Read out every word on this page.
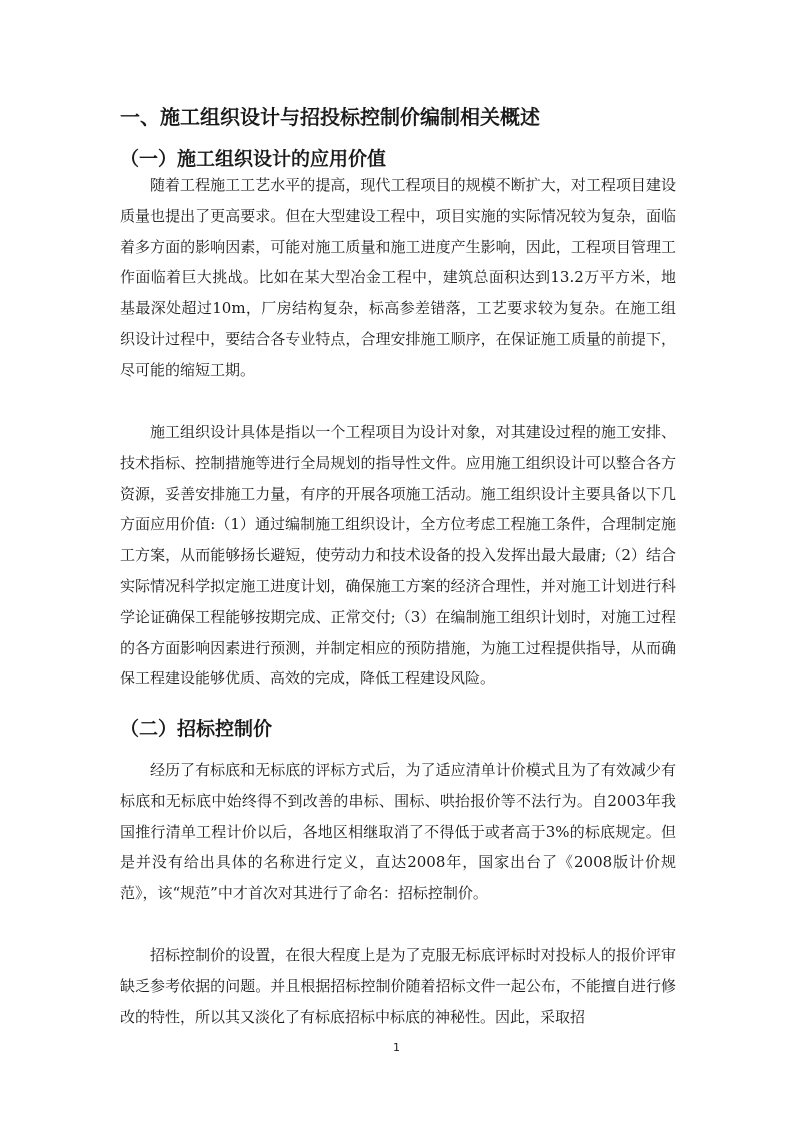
一、施工组织设计与招投标控制价编制相关概述
（一）施工组织设计的应用价值

随着工程施工工艺水平的提高，现代工程项目的规模不断扩大，对工程项目建设质量也提出了更高要求。但在大型建设工程中，项目实施的实际情况较为复杂，面临着多方面的影响因素，可能对施工质量和施工进度产生影响，因此，工程项目管理工作面临着巨大挑战。比如在某大型冶金工程中，建筑总面积达到13.2万平方米，地基最深处超过10m，厂房结构复杂，标高参差错落，工艺要求较为复杂。在施工组织设计过程中，要结合各专业特点，合理安排施工顺序，在保证施工质量的前提下，尽可能的缩短工期。

施工组织设计具体是指以一个工程项目为设计对象，对其建设过程的施工安排、技术指标、控制措施等进行全局规划的指导性文件。应用施工组织设计可以整合各方资源，妥善安排施工力量，有序的开展各项施工活动。施工组织设计主要具备以下几方面应用价值:（1）通过编制施工组织设计，全方位考虑工程施工条件，合理制定施工方案，从而能够扬长避短，使劳动力和技术设备的投入发挥出最大最庸;（2）结合实际情况科学拟定施工进度计划，确保施工方案的经济合理性，并对施工计划进行科学论证确保工程能够按期完成、正常交付;（3）在编制施工组织计划时，对施工过程的各方面影响因素进行预测，并制定相应的预防措施，为施工过程提供指导，从而确保工程建设能够优质、高效的完成，降低工程建设风险。

（二）招标控制价

经历了有标底和无标底的评标方式后，为了适应清单计价模式且为了有效减少有标底和无标底中始终得不到改善的串标、围标、哄抬报价等不法行为。自2003年我国推行清单工程计价以后，各地区相继取消了不得低于或者高于3%的标底规定。但是并没有给出具体的名称进行定义，直达2008年，国家出台了《2008版计价规范》，该“规范”中才首次对其进行了命名：招标控制价。

招标控制价的设置，在很大程度上是为了克服无标底评标时对投标人的报价评审缺乏参考依据的问题。并且根据招标控制价随着招标文件一起公布，不能擅自进行修改的特性，所以其又淡化了有标底招标中标底的神秘性。因此，采取招

1
